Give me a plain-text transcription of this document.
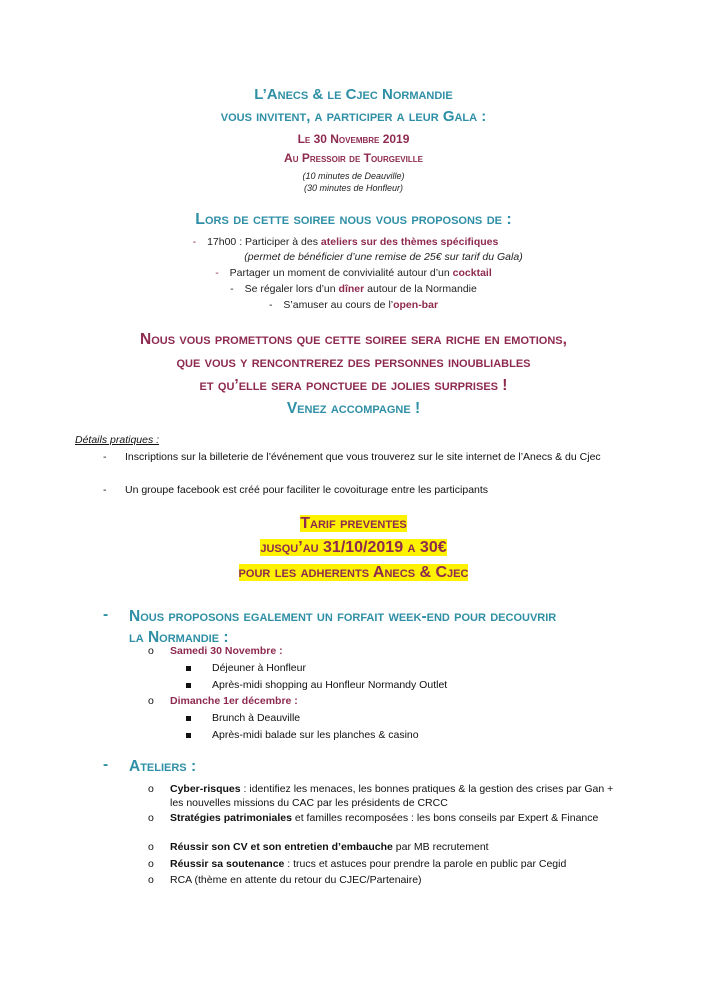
L’Anecs & le Cjec Normandie
vous invitent, a participer a leur Gala :
Le 30 Novembre 2019
Au Pressoir de Tourgeville
(10 minutes de Deauville)
(30 minutes de Honfleur)
Lors de cette soiree nous vous proposons de :
- 17h00 : Participer à des ateliers sur des thèmes spécifiques
(permet de bénéficier d’une remise de 25€ sur tarif du Gala)
- Partager un moment de convivialité autour d’un cocktail
- Se régaler lors d’un dîner autour de la Normandie
- S’amuser au cours de l’open-bar
Nous vous promettons que cette soiree sera riche en emotions,
que vous y rencontrerez des personnes inoubliables
et qu’elle sera ponctuee de jolies surprises !
Venez accompagne !
Détails pratiques :
- Inscriptions sur la billeterie de l’événement que vous trouverez sur le site internet de l’Anecs & du Cjec
- Un groupe facebook est créé pour faciliter le covoiturage entre les participants
Tarif preventes
jusqu’au 31/10/2019 a 30€
pour les adherents Anecs & Cjec
- Nous proposons egalement un forfait week-end pour decouvrir la Normandie :
o Samedi 30 Novembre :
Déjeuner à Honfleur
Après-midi shopping au Honfleur Normandy Outlet
o Dimanche 1er décembre :
Brunch à Deauville
Après-midi balade sur les planches & casino
- Ateliers :
o Cyber-risques : identifiez les menaces, les bonnes pratiques & la gestion des crises par Gan + les nouvelles missions du CAC par les présidents de CRCC
o Stratégies patrimoniales et familles recomposées : les bons conseils par Expert & Finance
o Réussir son CV et son entretien d’embauche par MB recrutement
o Réussir sa soutenance : trucs et astuces pour prendre la parole en public par Cegid
o RCA (thème en attente du retour du CJEC/Partenaire)
